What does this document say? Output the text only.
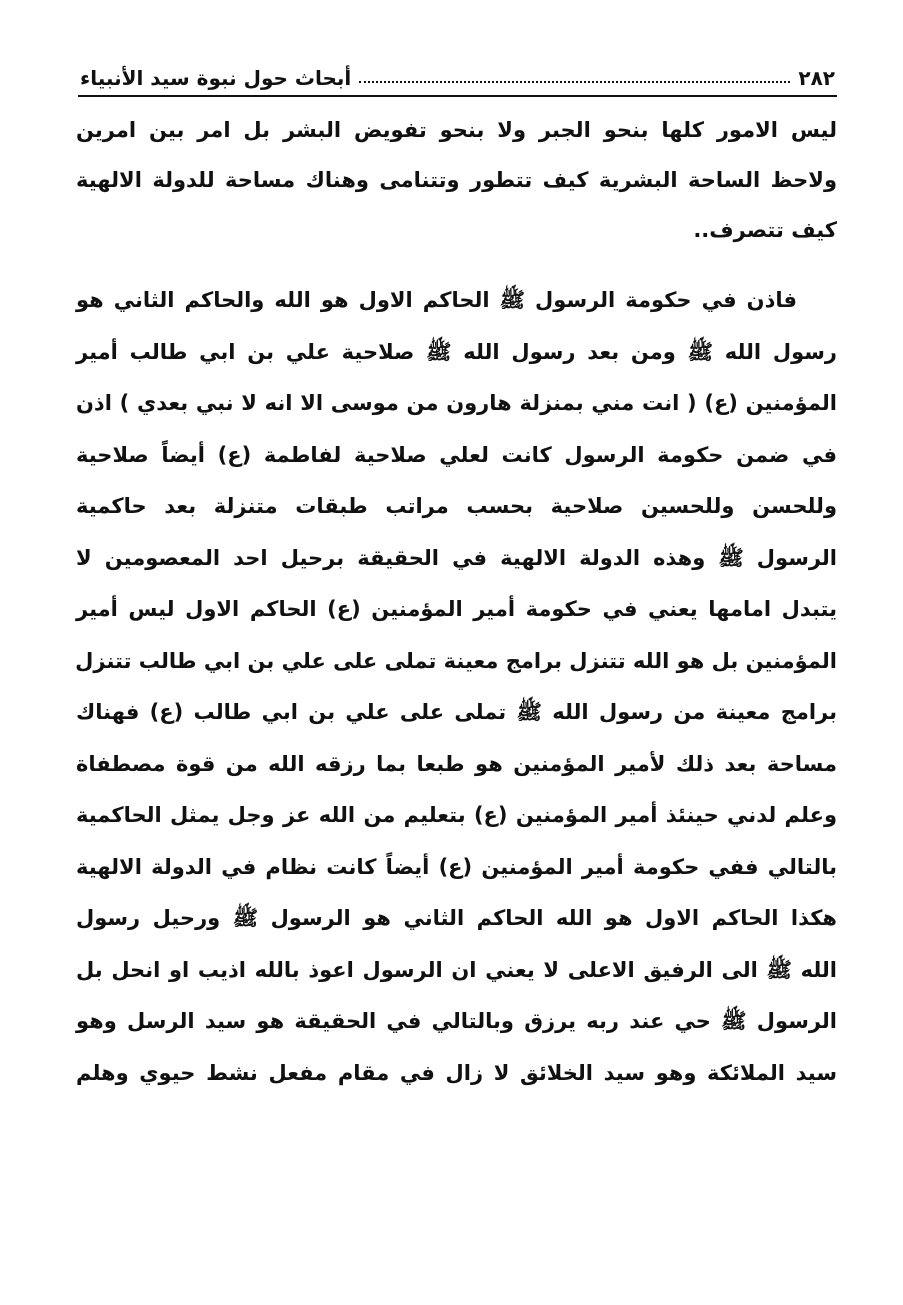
٢٨٢
أبحاث حول نبوة سيد الأنبياء
ليس الامور كلها بنحو الجبر ولا بنحو تفويض البشر بل امر بين امرين
ولاحظ الساحة البشرية كيف تتطور وتتنامى وهناك مساحة للدولة الالهية
كيف تتصرف..
فاذن في حكومة الرسول ﷺ الحاكم الاول هو الله والحاكم الثاني هو
رسول الله ﷺ ومن بعد رسول الله ﷺ صلاحية علي بن ابي طالب أمير
المؤمنين (ع) ( انت مني بمنزلة هارون من موسى الا انه لا نبي بعدي ) اذن
في ضمن حكومة الرسول كانت لعلي صلاحية لفاطمة (ع) أيضاً صلاحية
وللحسن وللحسين صلاحية بحسب مراتب طبقات متنزلة بعد حاكمية
الرسول ﷺ وهذه الدولة الالهية في الحقيقة برحيل احد المعصومين لا
يتبدل امامها يعني في حكومة أمير المؤمنين (ع) الحاكم الاول ليس أمير
المؤمنين بل هو الله تتنزل برامج معينة تملى على علي بن ابي طالب تتنزل
برامج معينة من رسول الله ﷺ تملى على علي بن ابي طالب (ع) فهناك
مساحة بعد ذلك لأمير المؤمنين هو طبعا بما رزقه الله من قوة مصطفاة
وعلم لدني حينئذ أمير المؤمنين (ع) بتعليم من الله عز وجل يمثل الحاكمية
بالتالي ففي حكومة أمير المؤمنين (ع) أيضاً كانت نظام في الدولة الالهية
هكذا الحاكم الاول هو الله الحاكم الثاني هو الرسول ﷺ ورحيل رسول
الله ﷺ الى الرفيق الاعلى لا يعني ان الرسول اعوذ بالله اذيب او انحل بل
الرسول ﷺ حي عند ربه يرزق وبالتالي في الحقيقة هو سيد الرسل وهو
سيد الملائكة وهو سيد الخلائق لا زال في مقام مفعل نشط حيوي وهلم
